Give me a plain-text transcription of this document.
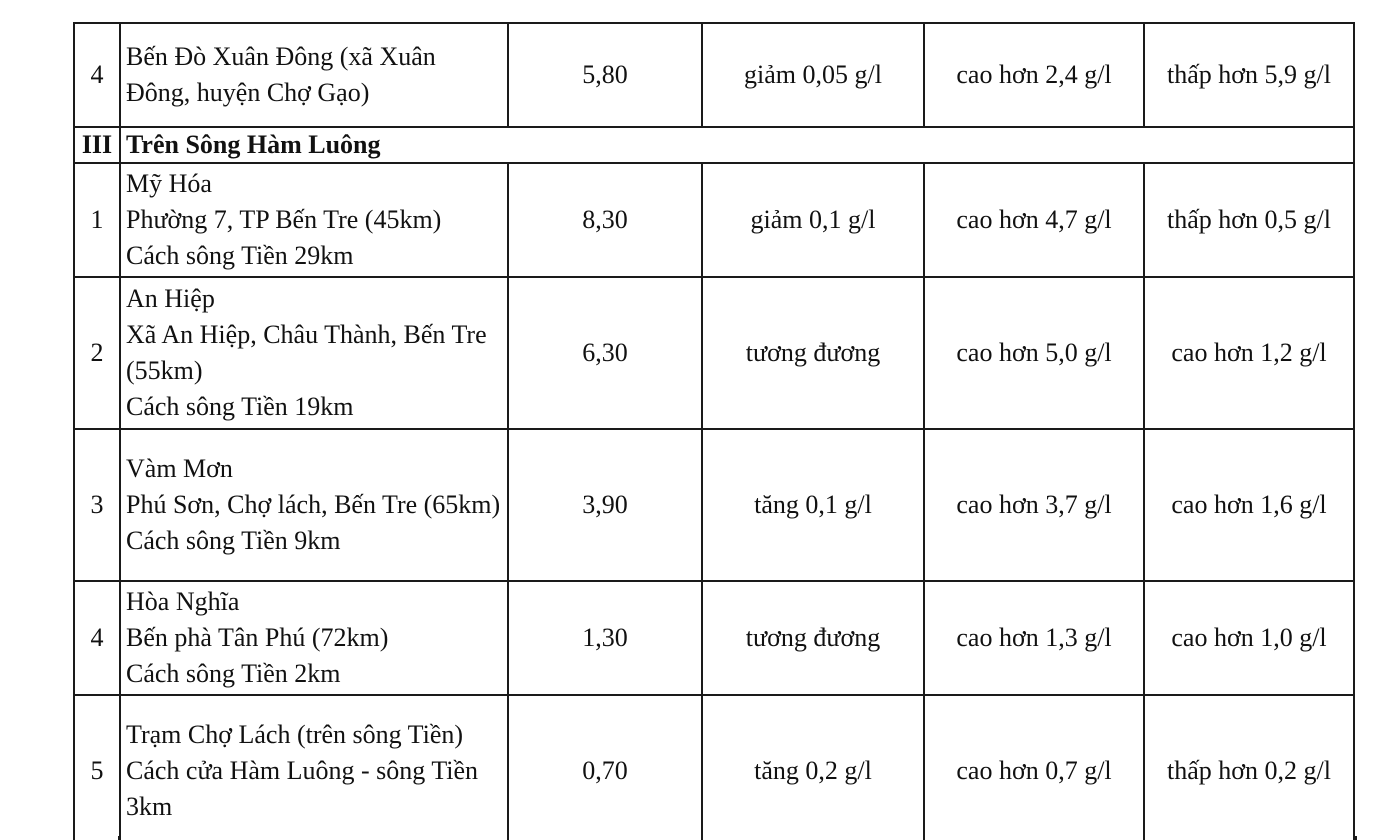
4	Bến Đò Xuân Đông (xã Xuân Đông, huyện Chợ Gạo)	5,80	giảm 0,05 g/l	cao hơn 2,4 g/l	thấp hơn 5,9 g/l
III	Trên Sông Hàm Luông				
1	Mỹ Hóa
Phường 7, TP Bến Tre (45km)
Cách sông Tiền 29km	8,30	giảm 0,1 g/l	cao hơn 4,7 g/l	thấp hơn 0,5 g/l
2	An Hiệp
Xã An Hiệp, Châu Thành, Bến Tre (55km)
Cách sông Tiền 19km	6,30	tương đương	cao hơn 5,0 g/l	cao hơn 1,2 g/l
3	Vàm Mơn
Phú Sơn, Chợ lách, Bến Tre (65km)
Cách sông Tiền 9km	3,90	tăng 0,1 g/l	cao hơn 3,7 g/l	cao hơn 1,6 g/l
4	Hòa Nghĩa
Bến phà Tân Phú (72km)
Cách sông Tiền 2km	1,30	tương đương	cao hơn 1,3 g/l	cao hơn 1,0 g/l
5	Trạm Chợ Lách (trên sông Tiền)
Cách cửa Hàm Luông - sông Tiền 3km	0,70	tăng 0,2 g/l	cao hơn 0,7 g/l	thấp hơn 0,2 g/l
